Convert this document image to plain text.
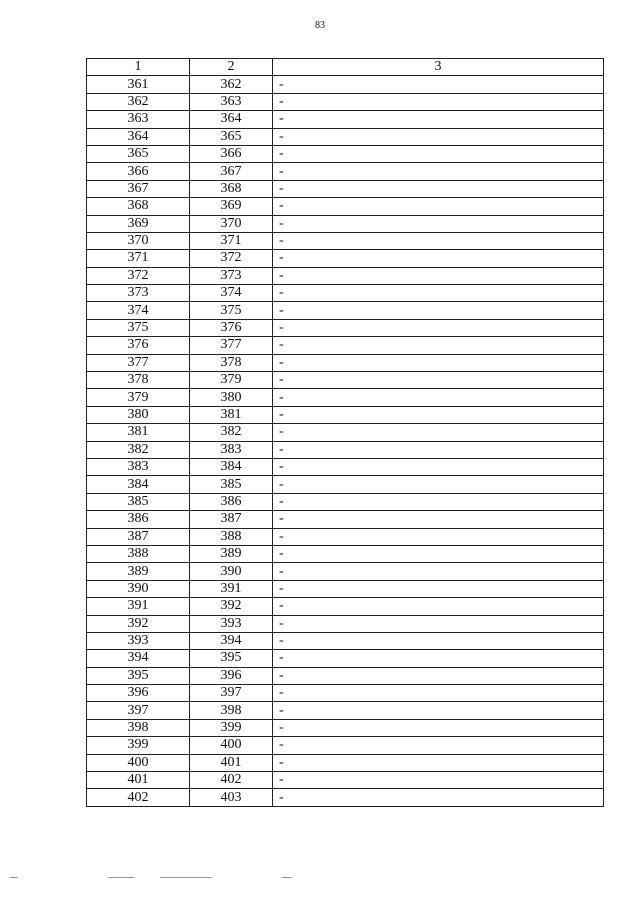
83
1	2	3
361	362	-
362	363	-
363	364	-
364	365	-
365	366	-
366	367	-
367	368	-
368	369	-
369	370	-
370	371	-
371	372	-
372	373	-
373	374	-
374	375	-
375	376	-
376	377	-
377	378	-
378	379	-
379	380	-
380	381	-
381	382	-
382	383	-
383	384	-
384	385	-
385	386	-
386	387	-
387	388	-
388	389	-
389	390	-
390	391	-
391	392	-
392	393	-
393	394	-
394	395	-
395	396	-
396	397	-
397	398	-
398	399	-
399	400	-
400	401	-
401	402	-
402	403	-
